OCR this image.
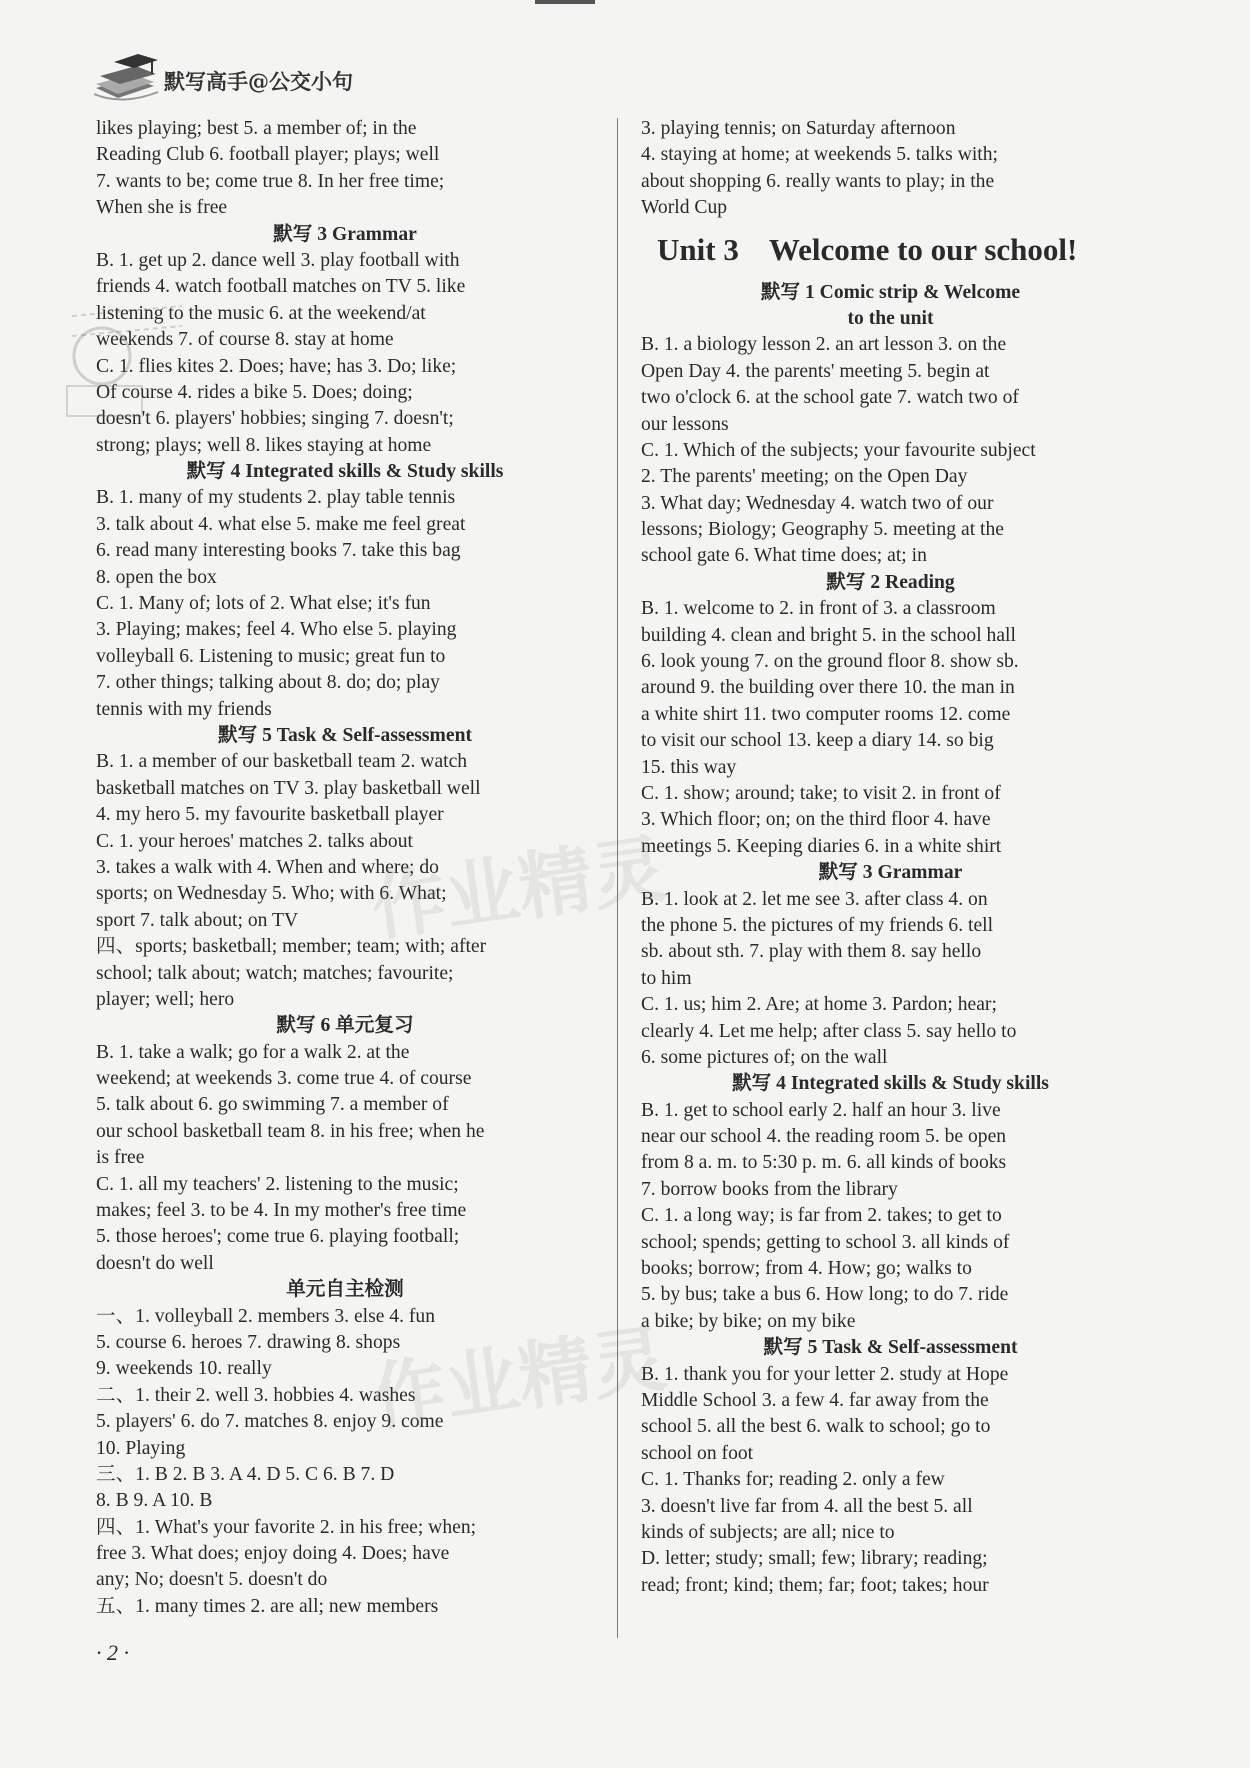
默写高手@公交小句
likes playing; best 5. a member of; in the
Reading Club 6. football player; plays; well
7. wants to be; come true 8. In her free time;
When she is free
默写 3 Grammar
B. 1. get up 2. dance well 3. play football with
friends 4. watch football matches on TV 5. like
listening to the music 6. at the weekend/at
weekends 7. of course 8. stay at home
C. 1. flies kites 2. Does; have; has 3. Do; like;
Of course 4. rides a bike 5. Does; doing;
doesn't 6. players' hobbies; singing 7. doesn't;
strong; plays; well 8. likes staying at home
默写 4 Integrated skills & Study skills
B. 1. many of my students 2. play table tennis
3. talk about 4. what else 5. make me feel great
6. read many interesting books 7. take this bag
8. open the box
C. 1. Many of; lots of 2. What else; it's fun
3. Playing; makes; feel 4. Who else 5. playing
volleyball 6. Listening to music; great fun to
7. other things; talking about 8. do; do; play
tennis with my friends
默写 5 Task & Self-assessment
B. 1. a member of our basketball team 2. watch
basketball matches on TV 3. play basketball well
4. my hero 5. my favourite basketball player
C. 1. your heroes' matches 2. talks about
3. takes a walk with 4. When and where; do
sports; on Wednesday 5. Who; with 6. What;
sport 7. talk about; on TV
四、sports; basketball; member; team; with; after
school; talk about; watch; matches; favourite;
player; well; hero
默写 6 单元复习
B. 1. take a walk; go for a walk 2. at the
weekend; at weekends 3. come true 4. of course
5. talk about 6. go swimming 7. a member of
our school basketball team 8. in his free; when he
is free
C. 1. all my teachers' 2. listening to the music;
makes; feel 3. to be 4. In my mother's free time
5. those heroes'; come true 6. playing football;
doesn't do well
单元自主检测
一、1. volleyball 2. members 3. else 4. fun
5. course 6. heroes 7. drawing 8. shops
9. weekends 10. really
二、1. their 2. well 3. hobbies 4. washes
5. players' 6. do 7. matches 8. enjoy 9. come
10. Playing
三、1. B 2. B 3. A 4. D 5. C 6. B 7. D
8. B 9. A 10. B
四、1. What's your favorite 2. in his free; when;
free 3. What does; enjoy doing 4. Does; have
any; No; doesn't 5. doesn't do
五、1. many times 2. are all; new members
3. playing tennis; on Saturday afternoon
4. staying at home; at weekends 5. talks with;
about shopping 6. really wants to play; in the
World Cup
Unit 3 Welcome to our school!
默写 1 Comic strip & Welcome
to the unit
B. 1. a biology lesson 2. an art lesson 3. on the
Open Day 4. the parents' meeting 5. begin at
two o'clock 6. at the school gate 7. watch two of
our lessons
C. 1. Which of the subjects; your favourite subject
2. The parents' meeting; on the Open Day
3. What day; Wednesday 4. watch two of our
lessons; Biology; Geography 5. meeting at the
school gate 6. What time does; at; in
默写 2 Reading
B. 1. welcome to 2. in front of 3. a classroom
building 4. clean and bright 5. in the school hall
6. look young 7. on the ground floor 8. show sb.
around 9. the building over there 10. the man in
a white shirt 11. two computer rooms 12. come
to visit our school 13. keep a diary 14. so big
15. this way
C. 1. show; around; take; to visit 2. in front of
3. Which floor; on; on the third floor 4. have
meetings 5. Keeping diaries 6. in a white shirt
默写 3 Grammar
B. 1. look at 2. let me see 3. after class 4. on
the phone 5. the pictures of my friends 6. tell
sb. about sth. 7. play with them 8. say hello
to him
C. 1. us; him 2. Are; at home 3. Pardon; hear;
clearly 4. Let me help; after class 5. say hello to
6. some pictures of; on the wall
默写 4 Integrated skills & Study skills
B. 1. get to school early 2. half an hour 3. live
near our school 4. the reading room 5. be open
from 8 a. m. to 5:30 p. m. 6. all kinds of books
7. borrow books from the library
C. 1. a long way; is far from 2. takes; to get to
school; spends; getting to school 3. all kinds of
books; borrow; from 4. How; go; walks to
5. by bus; take a bus 6. How long; to do 7. ride
a bike; by bike; on my bike
默写 5 Task & Self-assessment
B. 1. thank you for your letter 2. study at Hope
Middle School 3. a few 4. far away from the
school 5. all the best 6. walk to school; go to
school on foot
C. 1. Thanks for; reading 2. only a few
3. doesn't live far from 4. all the best 5. all
kinds of subjects; are all; nice to
D. letter; study; small; few; library; reading;
read; front; kind; them; far; foot; takes; hour
作业精灵
作业精灵
· 2 ·
